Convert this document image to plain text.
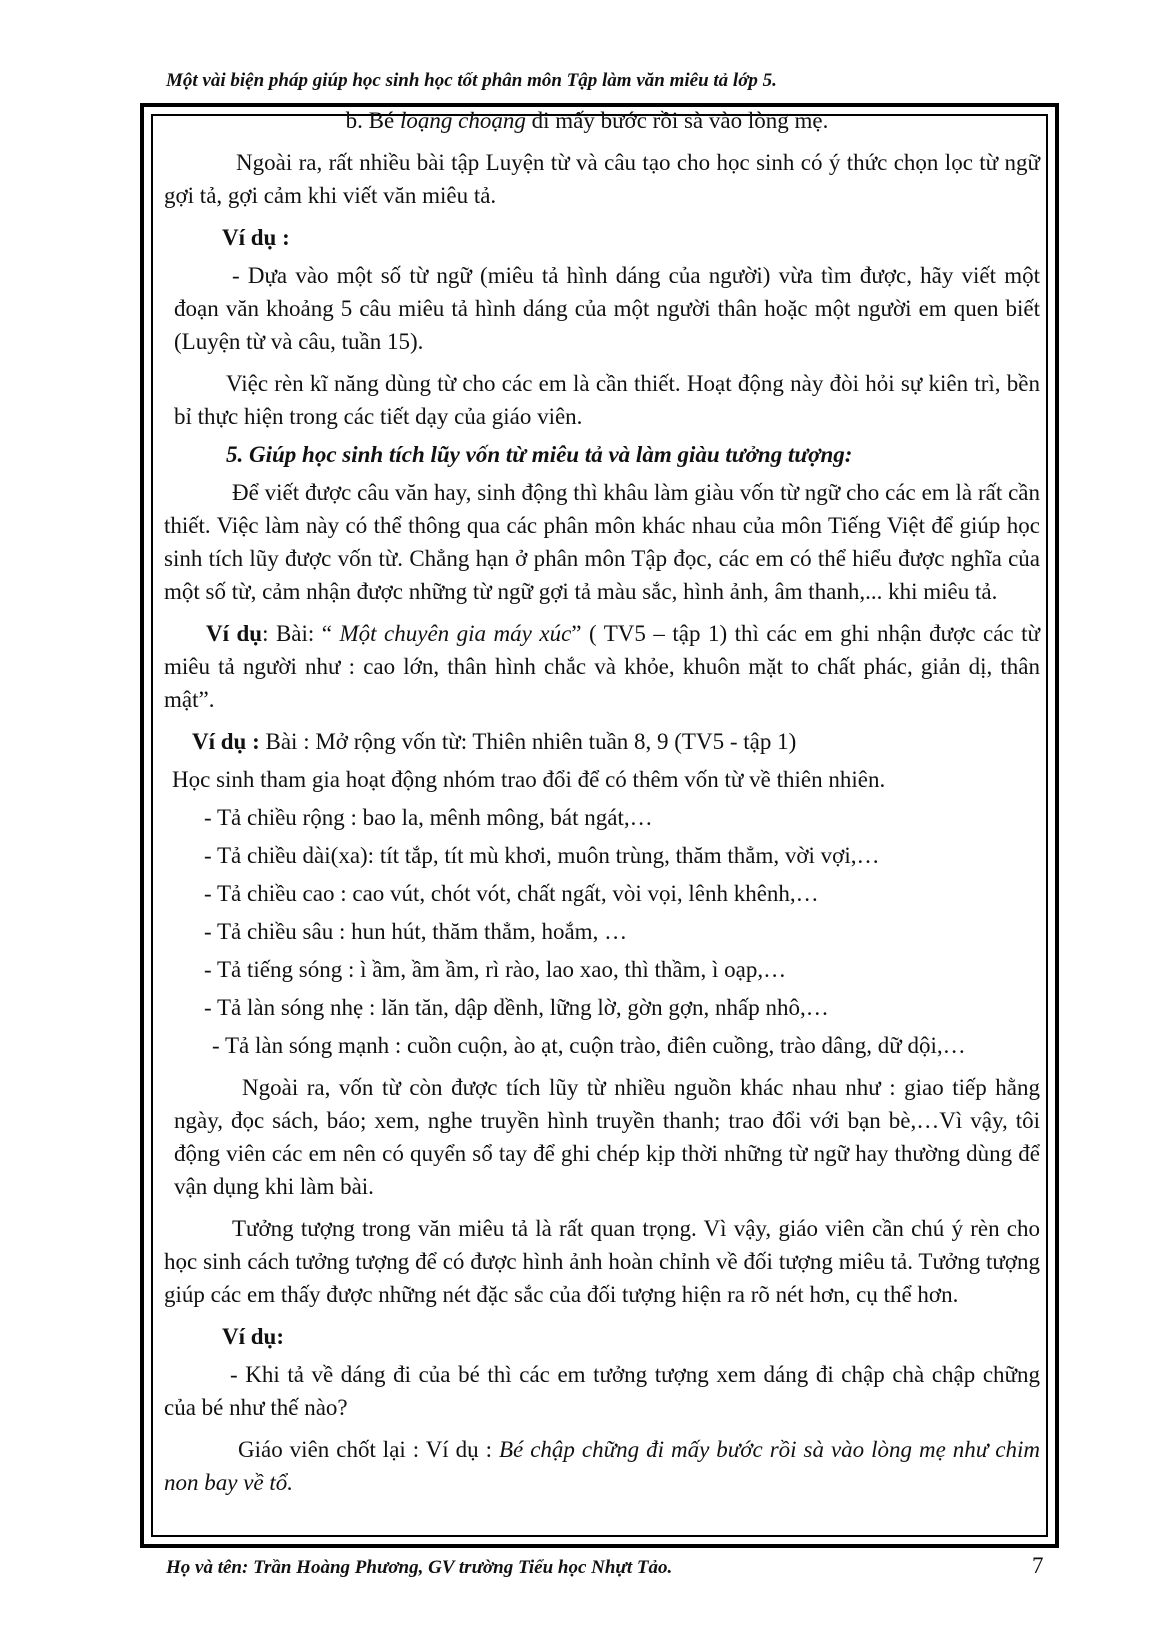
Một vài biện pháp giúp học sinh học tốt phân môn Tập làm văn miêu tả lớp 5.

b. Bé loạng choạng đi mấy bước rồi sà vào lòng mẹ.

Ngoài ra, rất nhiều bài tập Luyện từ và câu tạo cho học sinh có ý thức chọn lọc từ ngữ gợi tả, gợi cảm khi viết văn miêu tả.

Ví dụ :

- Dựa vào một số từ ngữ (miêu tả hình dáng của người) vừa tìm được, hãy viết một đoạn văn khoảng 5 câu miêu tả hình dáng của một người thân hoặc một người em quen biết (Luyện từ và câu, tuần 15).

Việc rèn kĩ năng dùng từ cho các em là cần thiết. Hoạt động này đòi hỏi sự kiên trì, bền bỉ thực hiện trong các tiết dạy của giáo viên.

5. Giúp học sinh tích lũy vốn từ miêu tả và làm giàu tưởng tượng:

Để viết được câu văn hay, sinh động thì khâu làm giàu vốn từ ngữ cho các em là rất cần thiết. Việc làm này có thể thông qua các phân môn khác nhau của môn Tiếng Việt để giúp học sinh tích lũy được vốn từ. Chẳng hạn ở phân môn Tập đọc, các em có thể hiểu được nghĩa của một số từ, cảm nhận được những từ ngữ gợi tả màu sắc, hình ảnh, âm thanh,... khi miêu tả.

Ví dụ: Bài: “ Một chuyên gia máy xúc” ( TV5 – tập 1) thì các em ghi nhận được các từ miêu tả người như : cao lớn, thân hình chắc và khỏe, khuôn mặt to chất phác, giản dị, thân mật”.

Ví dụ : Bài : Mở rộng vốn từ: Thiên nhiên tuần 8, 9 (TV5 - tập 1)

Học sinh tham gia hoạt động nhóm trao đổi để có thêm vốn từ về thiên nhiên.

- Tả chiều rộng : bao la, mênh mông, bát ngát,…

- Tả chiều dài(xa): tít tắp, tít mù khơi, muôn trùng, thăm thẳm, vời vợi,…

- Tả chiều cao : cao vút, chót vót, chất ngất, vòi vọi, lênh khênh,…

- Tả chiều sâu : hun hút, thăm thẳm, hoắm, …

- Tả tiếng sóng : ì ầm, ầm ầm, rì rào, lao xao, thì thầm, ì oạp,…

- Tả làn sóng nhẹ : lăn tăn, dập dềnh, lững lờ, gờn gợn, nhấp nhô,…

- Tả làn sóng mạnh : cuồn cuộn, ào ạt, cuộn trào, điên cuồng, trào dâng, dữ dội,…

Ngoài ra, vốn từ còn được tích lũy từ nhiều nguồn khác nhau như : giao tiếp hằng ngày, đọc sách, báo; xem, nghe truyền hình truyền thanh; trao đổi với bạn bè,…Vì vậy, tôi động viên các em nên có quyển sổ tay để ghi chép kịp thời những từ ngữ hay thường dùng để vận dụng khi làm bài.

Tưởng tượng trong văn miêu tả là rất quan trọng. Vì vậy, giáo viên cần chú ý rèn cho học sinh cách tưởng tượng để có được hình ảnh hoàn chỉnh về đối tượng miêu tả. Tưởng tượng giúp các em thấy được những nét đặc sắc của đối tượng hiện ra rõ nét hơn, cụ thể hơn.

Ví dụ:

- Khi tả về dáng đi của bé thì các em tưởng tượng xem dáng đi chập chà chập chững của bé như thế nào?

Giáo viên chốt lại : Ví dụ : Bé chập chững đi mấy bước rồi sà vào lòng mẹ như chim non bay về tổ.

Họ và tên: Trần Hoàng Phương, GV trường Tiểu học Nhựt Tảo.	7
